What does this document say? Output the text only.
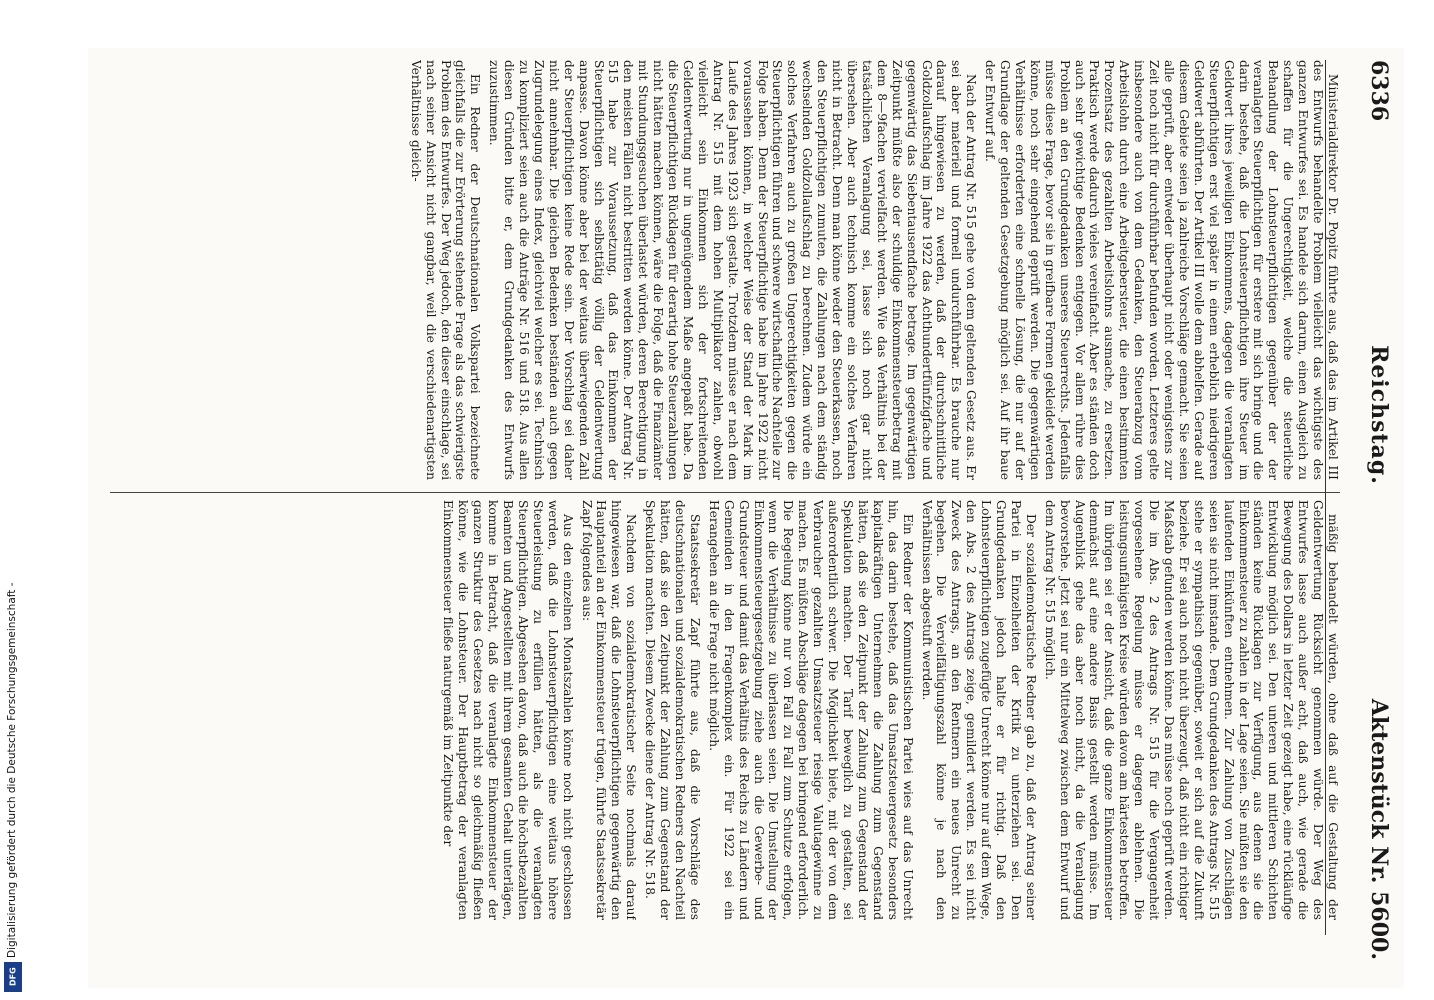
Digitalisierung gefördert durch die Deutsche Forschungsgemeinschaft -
DFG
6336
Reichstag.
Aktenstück Nr. 5600.

Ministerialdirektor Dr. Popitz führte aus, daß das im Artikel III des Entwurfs behandelte Problem vielleicht das wichtigste des ganzen Entwurfes sei. Es handele sich darum, einen Ausgleich zu schaffen für die Ungerechtigkeit, welche die steuerliche Behandlung der Lohnsteuerpflichtigen gegenüber der der veranlagten Steuerpflichtigen für erstere mit sich bringe und die darin bestehe, daß die Lohnsteuerpflichtigen ihre Steuer im Geldwert ihres jeweiligen Einkommens, dagegen die veranlagten Steuerpflichtigen erst viel später in einem erheblich niedrigeren Geldwert abführten. Der Artikel III wolle dem abhelfen. Gerade auf diesem Gebiete seien ja zahlreiche Vorschläge gemacht. Sie seien alle geprüft, aber entweder überhaupt nicht oder wenigstens zur Zeit noch nicht für durchführbar befunden worden. Letzteres gelte insbesondere auch von dem Gedanken, den Steuerabzug vom Arbeitslohn durch eine Arbeitgebersteuer, die einen bestimmten Prozentsatz des gezahlten Arbeitslohns ausmache, zu ersetzen. Praktisch werde dadurch vieles vereinfacht. Aber es ständen doch auch sehr gewichtige Bedenken entgegen. Vor allem rühre dies Problem an den Grundgedanken unseres Steuerrechts. Jedenfalls müsse diese Frage, bevor sie in greifbare Formen gekleidet werden könne, noch sehr eingehend geprüft werden. Die gegenwärtigen Verhältnisse erforderten eine schnelle Lösung, die nur auf der Grundlage der geltenden Gesetzgebung möglich sei. Auf ihr baue der Entwurf auf.

Nach der Antrag Nr. 515 gehe von dem geltenden Gesetz aus. Er sei aber materiell und formell undurchführbar. Es brauche nur darauf hingewiesen zu werden, daß der durchschnittliche Goldzollaufschlag im Jahre 1922 das Achthundertfünfzigfache und gegenwärtig das Siebentausendfache betrage. Im gegenwärtigen Zeitpunkt müßte also der schuldige Einkommensteuerbetrag mit dem 8—9fachen vervielfacht werden. Wie das Verhältnis bei der tatsächlichen Veranlagung sei, lasse sich noch gar nicht übersehen. Aber auch technisch komme ein solches Verfahren nicht in Betracht. Denn man könne weder den Steuerkassen, noch den Steuerpflichtigen zumuten, die Zahlungen nach dem ständig wechselnden Goldzollaufschlag zu berechnen. Zudem würde ein solches Verfahren auch zu großen Ungerechtigkeiten gegen die Steuerpflichtigen führen und schwere wirtschaftliche Nachteile zur Folge haben. Denn der Steuerpflichtige habe im Jahre 1922 nicht voraussehen können, in welcher Weise der Stand der Mark im Laufe des Jahres 1923 sich gestalte. Trotzdem müsse er nach dem Antrag Nr. 515 mit dem hohen Multiplikator zahlen, obwohl vielleicht sein Einkommen sich der fortschreitenden Geldentwertung nur in ungenügendem Maße angepaßt habe. Da die Steuerpflichtigen Rücklagen für derartig hohe Steuerzahlungen nicht hätten machen können, wäre die Folge, daß die Finanzämter mit Stundungsgesuchen überlastet würden, deren Berechtigung in den meisten Fällen nicht bestritten werden könne. Der Antrag Nr. 515 habe zur Voraussetzung, daß das Einkommen der Steuerpflichtigen sich selbsttätig völlig der Geldentwertung anpasse. Davon könne aber bei der weitaus überwiegenden Zahl der Steuerpflichtigen keine Rede sein. Der Vorschlag sei daher nicht annehmbar. Die gleichen Bedenken beständen auch gegen Zugrundelegung eines Index, gleichviel welcher es sei. Technisch zu kompliziert seien auch die Anträge Nr. 516 und 518. Aus allen diesen Gründen bitte er, dem Grundgedanken des Entwurfs zuzustimmen.

Ein Redner der Deutschnationalen Volkspartei bezeichnete gleichfalls die zur Erörterung stehende Frage als das schwierigste Problem des Entwurfes. Der Weg jedoch, den dieser einschlage, sei nach seiner Ansicht nicht gangbar, weil die verschiedenartigsten Verhältnisse gleich-

mäßig behandelt würden, ohne daß auf die Gestaltung der Geldentwertung Rücksicht genommen würde. Der Weg des Entwurfes lasse auch außer acht, daß auch, wie gerade die Bewegung des Dollars in letzter Zeit gezeigt habe, eine rückläufige Entwicklung möglich sei. Den unteren und mittleren Schichten ständen keine Rücklagen zur Verfügung, aus denen sie die Einkommensteuer zu zahlen in der Lage seien. Sie müßten sie den laufenden Einkünften entnehmen. Zur Zahlung von Zuschlägen seien sie nicht imstande. Dem Grundgedanken des Antrags Nr. 515 stehe er sympathisch gegenüber, soweit er sich auf die Zukunft beziehe. Er sei auch noch nicht überzeugt, daß nicht ein richtiger Maßstab gefunden werden könne. Das müsse noch geprüft werden. Die im Abs. 2 des Antrags Nr. 515 für die Vergangenheit vorgesehene Regelung müsse er dagegen ablehnen. Die leistungsunfähigsten Kreise würden davon am härtesten betroffen. Im übrigen sei er der Ansicht, daß die ganze Einkommensteuer demnächst auf eine andere Basis gestellt werden müsse. Im Augenblick gehe das aber noch nicht, da die Veranlagung bevorstehe. Jetzt sei nur ein Mittelweg zwischen dem Entwurf und dem Antrag Nr. 515 möglich.

Der sozialdemokratische Redner gab zu, daß der Antrag seiner Partei in Einzelheiten der Kritik zu unterziehen sei. Den Grundgedanken jedoch halte er für richtig. Daß den Lohnsteuerpflichtigen zugefügte Unrecht könne nur auf dem Wege, den Abs. 2 des Antrags zeige, gemildert werden. Es sei nicht Zweck des Antrags, an den Rentnern ein neues Unrecht zu begehen. Die Vervielfältigungszahl könne je nach den Verhältnissen abgestuft werden.

Ein Redner der Kommunistischen Partei wies auf das Unrecht hin, das darin bestehe, daß das Umsatzsteuergesetz besonders kapitalkräftigen Unternehmen die Zahlung zum Gegenstand hätten, daß sie den Zeitpunkt der Zahlung zum Gegenstand der Spekulation machten. Der Tarif beweglich zu gestalten, sei außerordentlich schwer. Die Möglichkeit biete, mit der von dem Verbraucher gezahlten Umsatzsteuer riesige Valutagewinne zu machen. Es müßten Abschläge dagegen bei bringend erforderlich. Die Regelung könne nur von Fall zu Fall zum Schutze erfolgen, wenn die Verhältnisse zu überlassen seien. Die Umstellung der Einkommensteuergesetzgebung ziehe auch die Gewerbe- und Grundsteuer und damit das Verhältnis des Reichs zu Ländern und Gemeinden in den Fragenkomplex ein. Für 1922 sei ein Herangehen an die Frage nicht möglich.

Staatssekretär Zapf führte aus, daß die Vorschläge des deutschnationalen und sozialdemokratischen Redners den Nachteil hätten, daß sie den Zeitpunkt der Zahlung zum Gegenstand der Spekulation machten. Diesem Zwecke diene der Antrag Nr. 518.

Nachdem von sozialdemokratischer Seite nochmals darauf hingewiesen war, daß die Lohnsteuerpflichtigen gegenwärtig den Hauptanteil an der Einkommensteuer trügen, führte Staatssekretär Zapf folgendes aus:

Aus den einzelnen Monatszahlen könne noch nicht geschlossen werden, daß die Lohnsteuerpflichtigen eine weitaus höhere Steuerleistung zu erfüllen hätten, als die veranlagten Steuerpflichtigen. Abgesehen davon, daß auch die höchstbezahlten Beamten und Angestellten mit ihrem gesamten Gehalt unterlägen, komme in Betracht, daß die veranlagte Einkommensteuer der ganzen Struktur des Gesetzes nach nicht so gleichmäßig fließen könne, wie die Lohnsteuer. Der Hauptbetrag der veranlagten Einkommensteuer fließe naturgemäß im Zeitpunkte der
